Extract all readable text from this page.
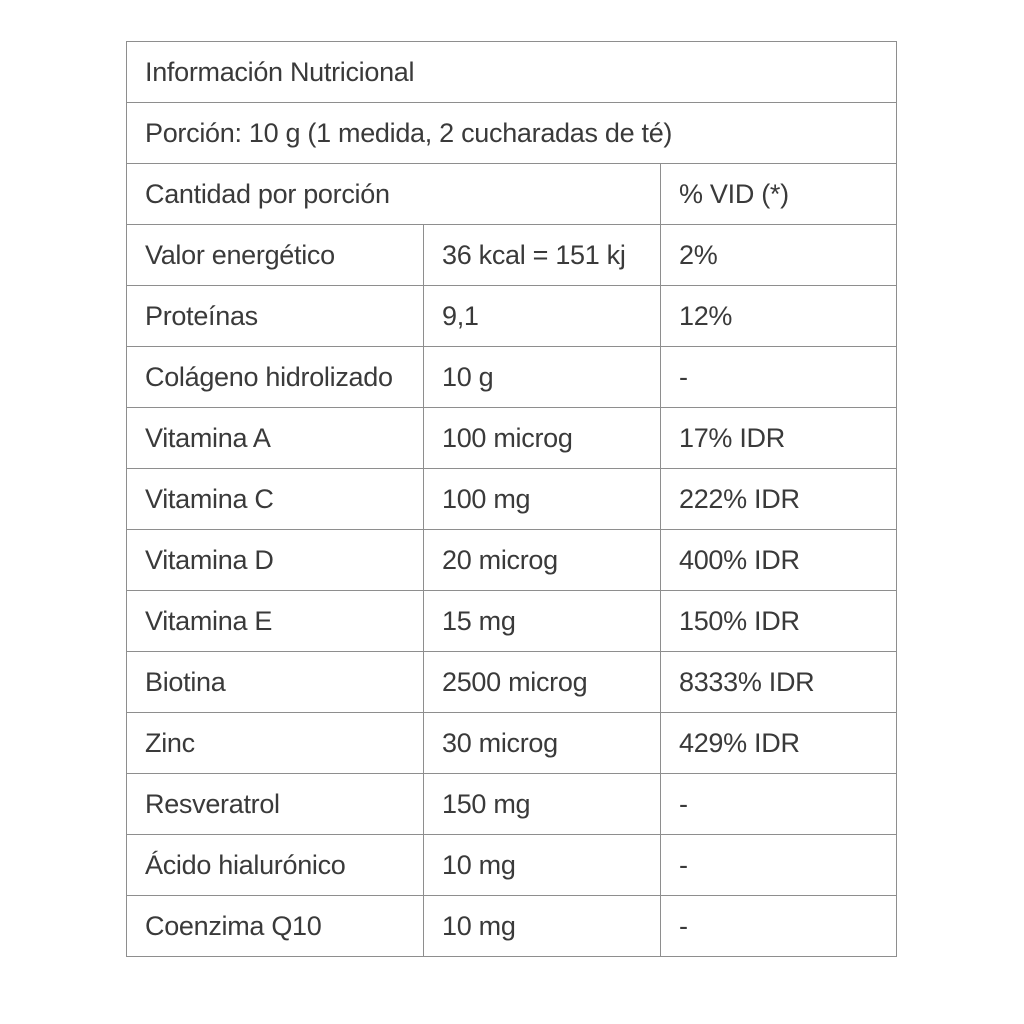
Información Nutricional		
Porción: 10 g (1 medida, 2 cucharadas de té)		
Cantidad por porción		% VID (*)
Valor energético	36 kcal = 151 kj	2%
Proteínas	9,1	12%
Colágeno hidrolizado	10 g	-
Vitamina A	100 microg	17% IDR
Vitamina C	100 mg	222% IDR
Vitamina D	20 microg	400% IDR
Vitamina E	15 mg	150% IDR
Biotina	2500 microg	8333% IDR
Zinc	30 microg	429% IDR
Resveratrol	150 mg	-
Ácido hialurónico	10 mg	-
Coenzima Q10	10 mg	-
